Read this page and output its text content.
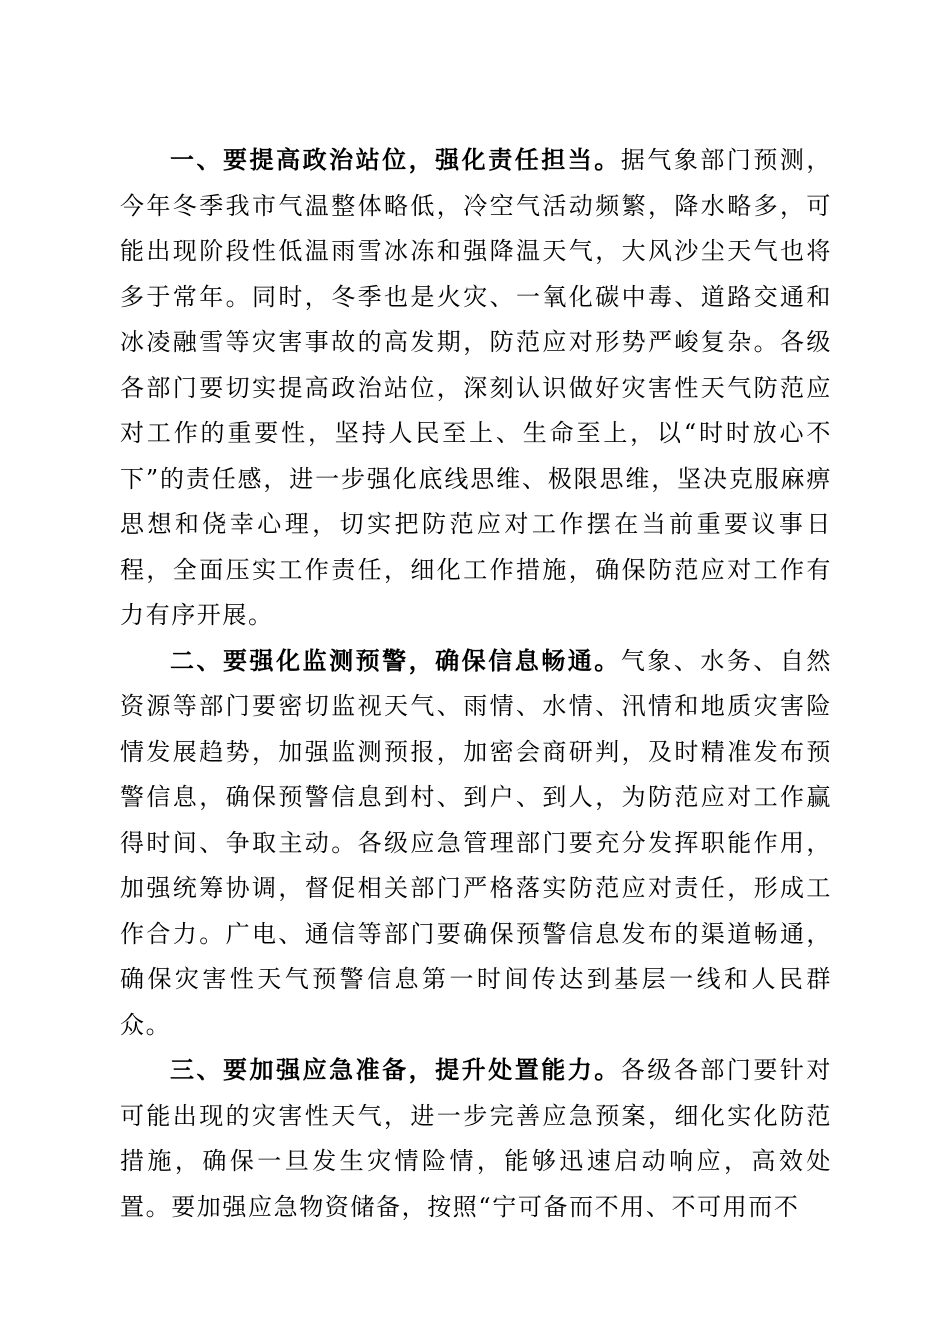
一、要提高政治站位，强化责任担当。据气象部门预测，今年冬季我市气温整体略低，冷空气活动频繁，降水略多，可能出现阶段性低温雨雪冰冻和强降温天气，大风沙尘天气也将多于常年。同时，冬季也是火灾、一氧化碳中毒、道路交通和冰凌融雪等灾害事故的高发期，防范应对形势严峻复杂。各级各部门要切实提高政治站位，深刻认识做好灾害性天气防范应对工作的重要性，坚持人民至上、生命至上，以“时时放心不下”的责任感，进一步强化底线思维、极限思维，坚决克服麻痹思想和侥幸心理，切实把防范应对工作摆在当前重要议事日程，全面压实工作责任，细化工作措施，确保防范应对工作有力有序开展。

二、要强化监测预警，确保信息畅通。气象、水务、自然资源等部门要密切监视天气、雨情、水情、汛情和地质灾害险情发展趋势，加强监测预报，加密会商研判，及时精准发布预警信息，确保预警信息到村、到户、到人，为防范应对工作赢得时间、争取主动。各级应急管理部门要充分发挥职能作用，加强统筹协调，督促相关部门严格落实防范应对责任，形成工作合力。广电、通信等部门要确保预警信息发布的渠道畅通，确保灾害性天气预警信息第一时间传达到基层一线和人民群众。

三、要加强应急准备，提升处置能力。各级各部门要针对可能出现的灾害性天气，进一步完善应急预案，细化实化防范措施，确保一旦发生灾情险情，能够迅速启动响应，高效处置。要加强应急物资储备，按照“宁可备而不用、不可用而不
